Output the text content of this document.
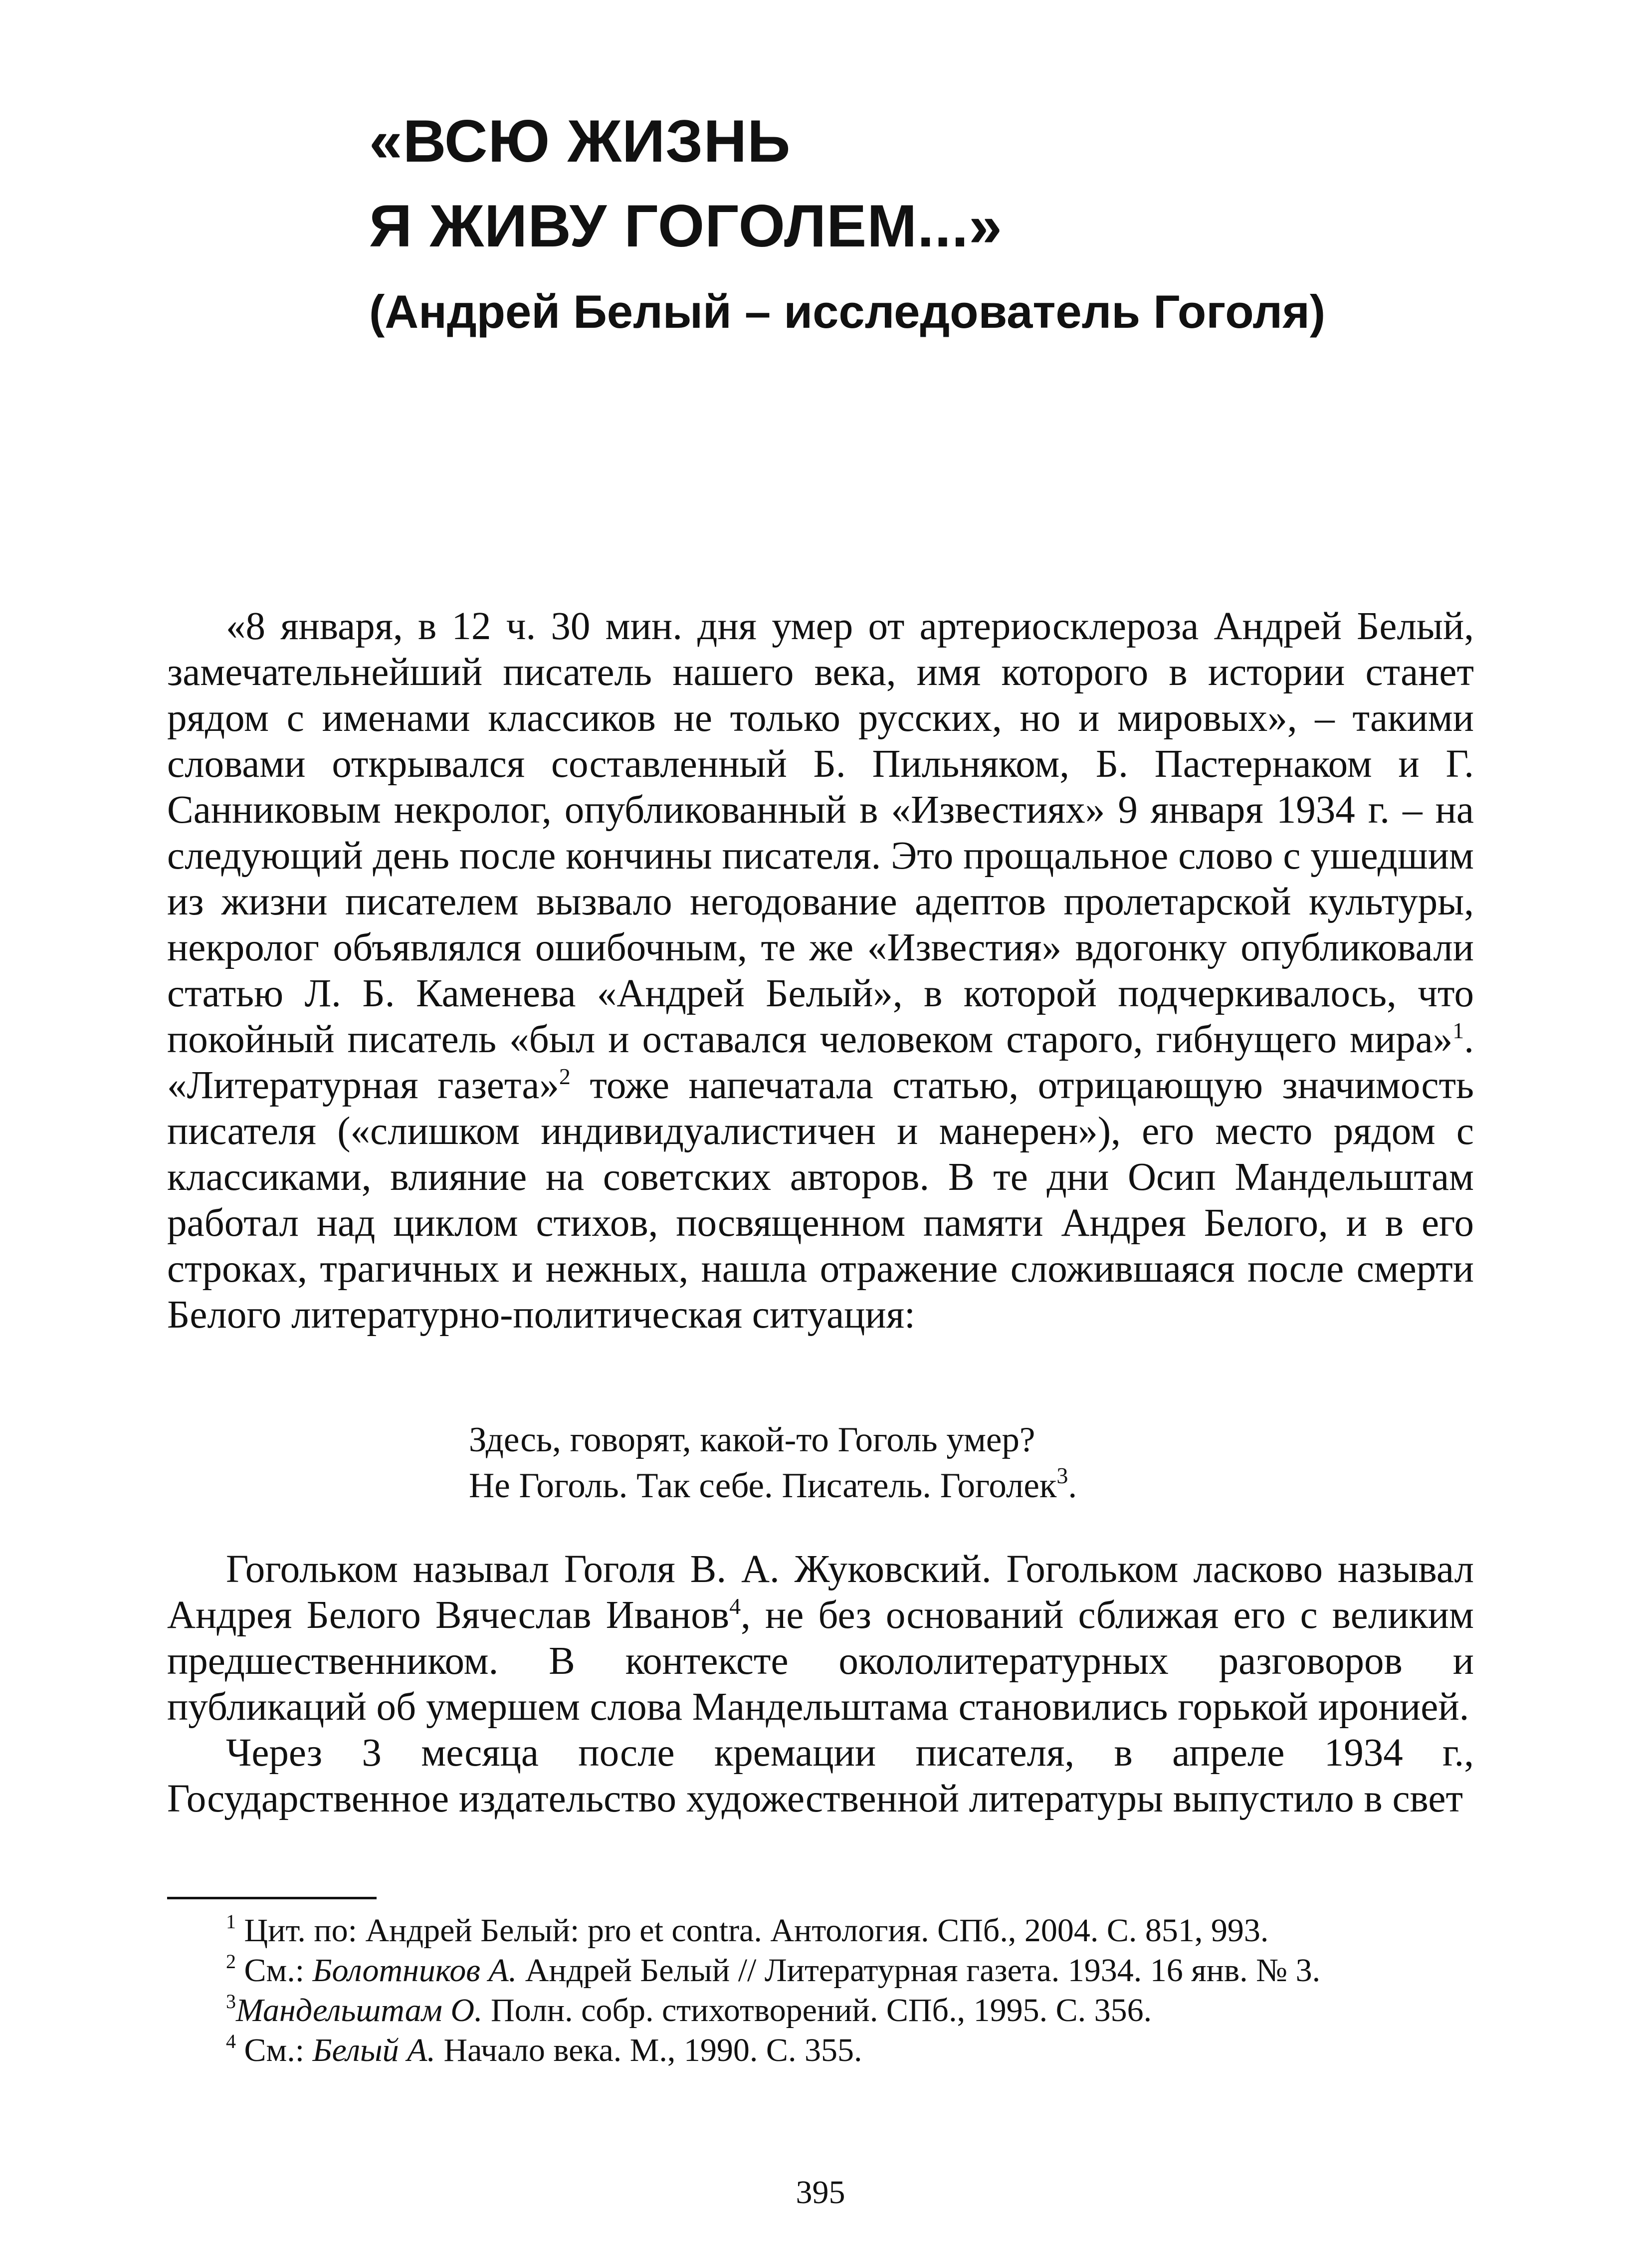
«ВСЮ ЖИЗНЬ
Я ЖИВУ ГОГОЛЕМ...»
(Андрей Белый – исследователь Гоголя)

«8 января, в 12 ч. 30 мин. дня умер от артериосклероза Андрей Белый, замечательнейший писатель нашего века, имя которого в истории станет рядом с именами классиков не только русских, но и мировых», – такими словами открывался составленный Б. Пильняком, Б. Пастернаком и Г. Санниковым некролог, опубликованный в «Известиях» 9 января 1934 г. – на следующий день после кончины писателя. Это прощальное слово с ушедшим из жизни писателем вызвало негодование адептов пролетарской культуры, некролог объявлялся ошибочным, те же «Известия» вдогонку опубликовали статью Л. Б. Каменева «Андрей Белый», в которой подчеркивалось, что покойный писатель «был и оставался человеком старого, гибнущего мира»$^1$. «Литературная газета»$^2$ тоже напечатала статью, отрицающую значимость писателя («слишком индивидуалистичен и манерен»), его место рядом с классиками, влияние на советских авторов. В те дни Осип Мандельштам работал над циклом стихов, посвященном памяти Андрея Белого, и в его строках, трагичных и нежных, нашла отражение сложившаяся после смерти Белого литературно-политическая ситуация:

Здесь, говорят, какой-то Гоголь умер?
Не Гоголь. Так себе. Писатель. Гоголек$^3$.

Гогольком называл Гоголя В. А. Жуковский. Гогольком ласково называл Андрея Белого Вячеслав Иванов$^4$, не без оснований сближая его с великим предшественником. В контексте окололитературных разговоров и публикаций об умершем слова Мандельштама становились горькой иронией.

Через 3 месяца после кремации писателя, в апреле 1934 г., Государственное издательство художественной литературы выпустило в свет

$^1$ Цит. по: Андрей Белый: pro et contra. Антология. СПб., 2004. С. 851, 993.
$^2$ См.: Болотников А. Андрей Белый // Литературная газета. 1934. 16 янв. № 3.
$^3$Мандельштам О. Полн. собр. стихотворений. СПб., 1995. С. 356.
$^4$ См.: Белый А. Начало века. М., 1990. С. 355.
395
